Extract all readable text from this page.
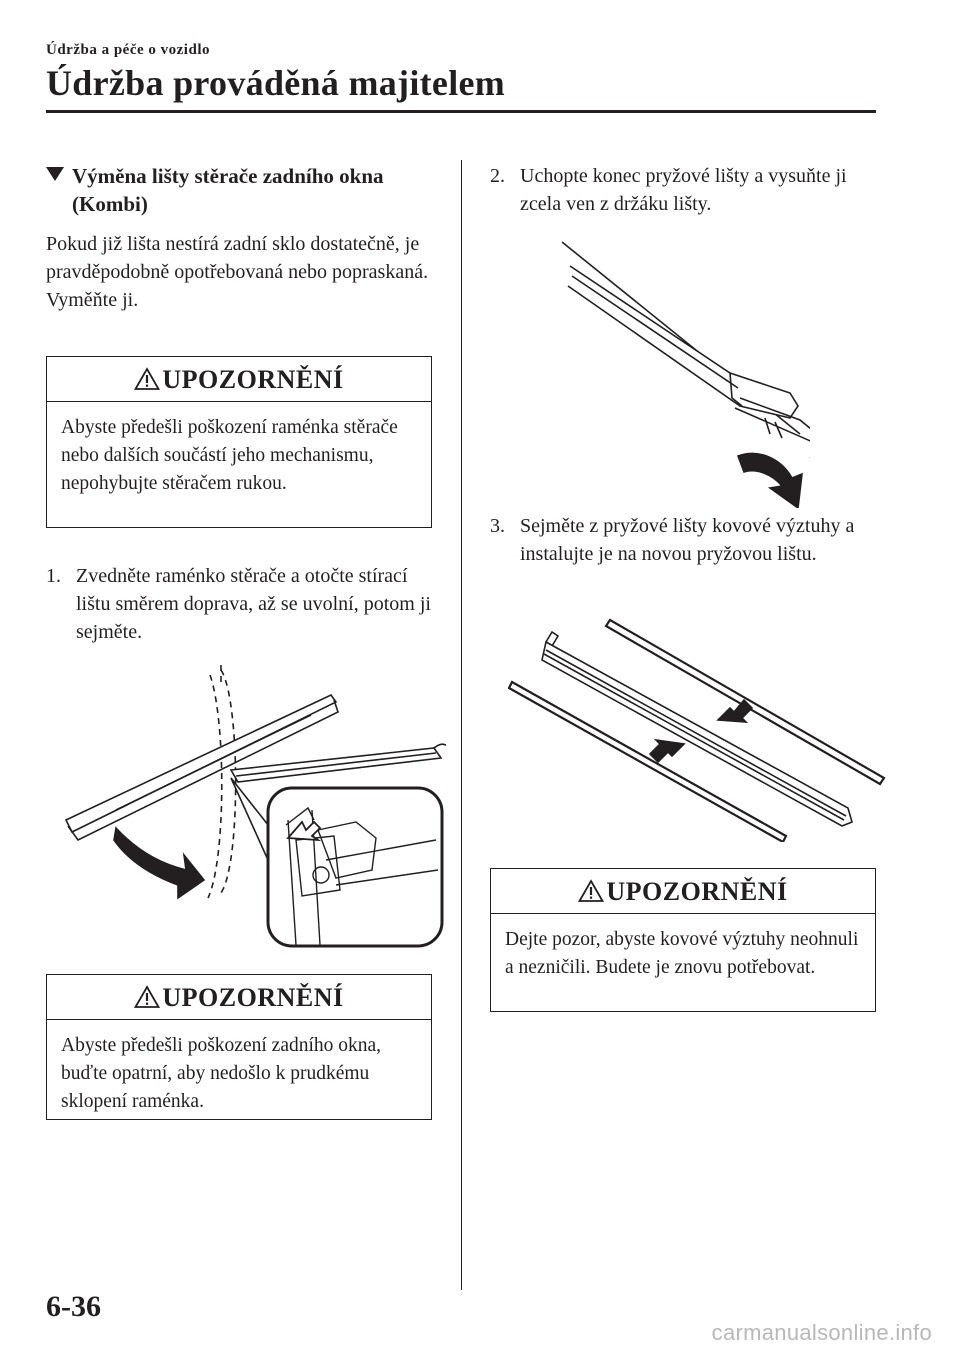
Údržba a péče o vozidlo
Údržba prováděná majitelem
Výměna lišty stěrače zadního okna
(Kombi)
Pokud již lišta nestírá zadní sklo dostatečně, je pravděpodobně opotřebovaná nebo popraskaná. Vyměňte ji.
UPOZORNĚNÍ
Abyste předešli poškození raménka stěrače nebo dalších součástí jeho mechanismu, nepohybujte stěračem rukou.
1. Zvedněte raménko stěrače a otočte stírací lištu směrem doprava, až se uvolní, potom ji sejměte.
UPOZORNĚNÍ
Abyste předešli poškození zadního okna, buďte opatrní, aby nedošlo k prudkému sklopení raménka.
2. Uchopte konec pryžové lišty a vysuňte ji zcela ven z držáku lišty.
3. Sejměte z pryžové lišty kovové výztuhy a instalujte je na novou pryžovou lištu.
UPOZORNĚNÍ
Dejte pozor, abyste kovové výztuhy neohnuli a nezničili. Budete je znovu potřebovat.
6-36
carmanualsonline.info
